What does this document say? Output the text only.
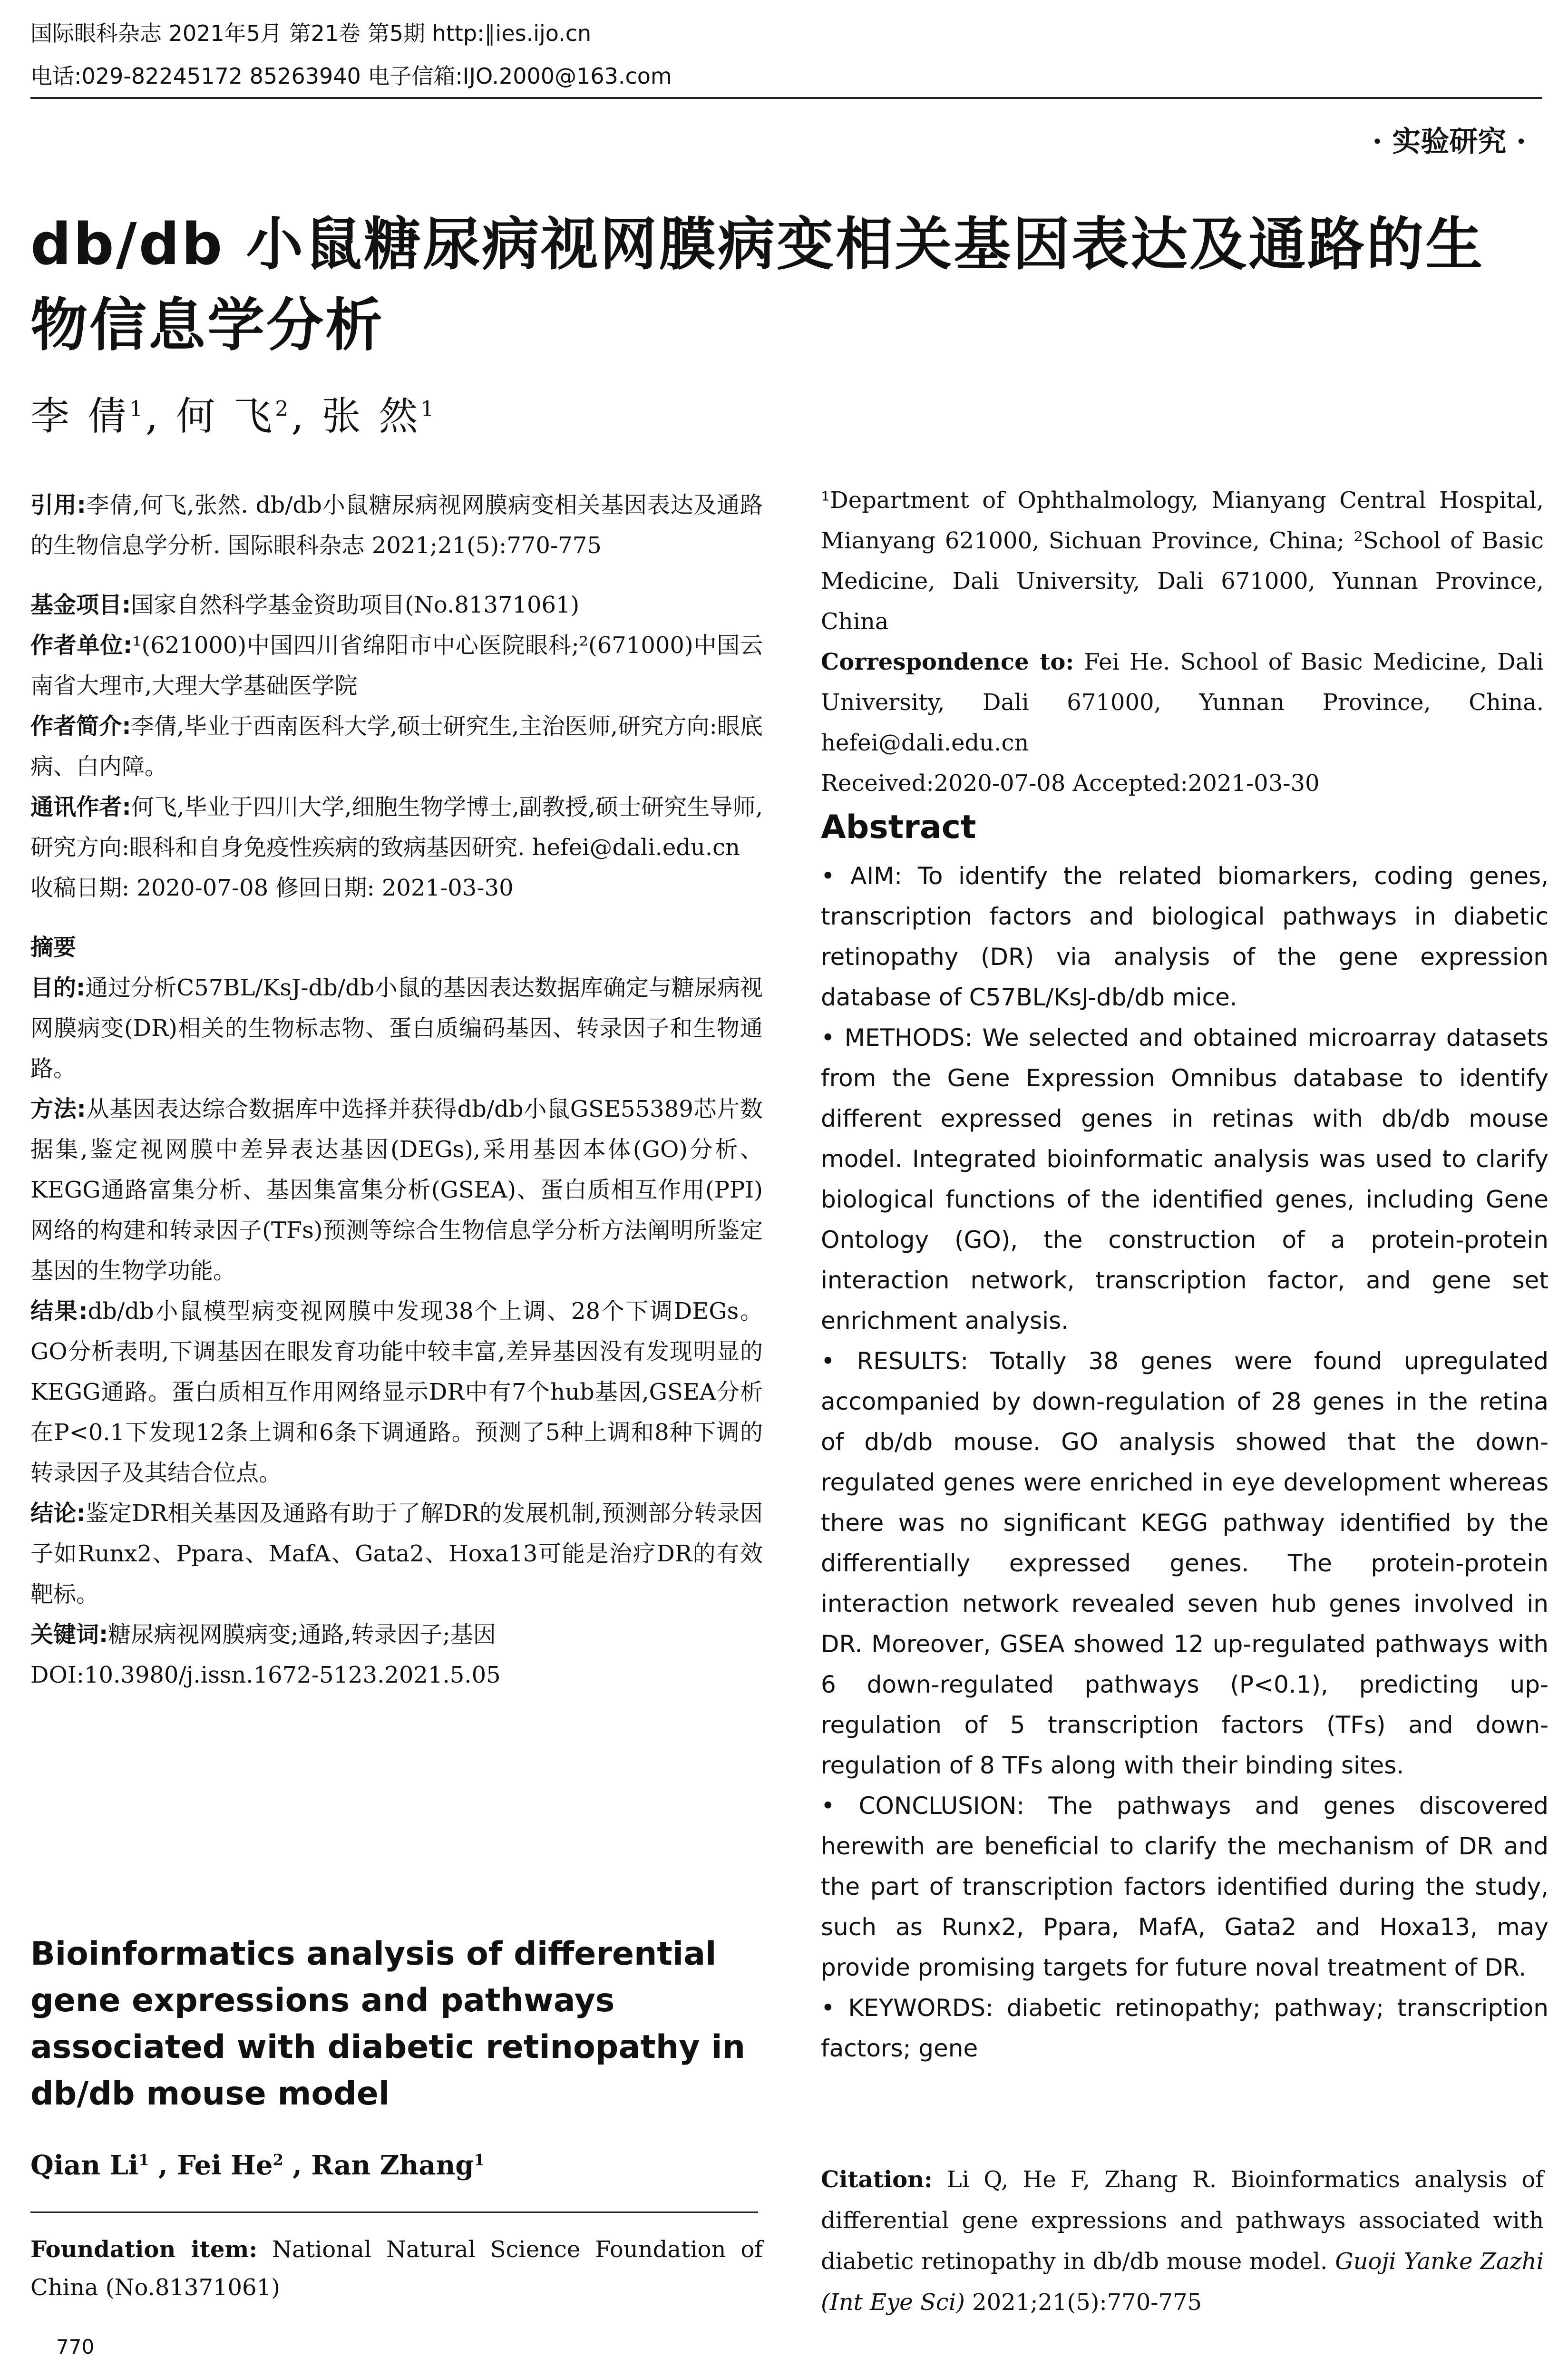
国际眼科杂志 2021年5月 第21卷 第5期 http:∥ies.ijo.cn
电话:029-82245172 85263940 电子信箱:IJO.2000@163.com
· 实验研究 ·
db/db 小鼠糖尿病视网膜病变相关基因表达及通路的生物信息学分析
李 倩$^1$, 何 飞$^2$, 张 然$^1$

引用:李倩,何飞,张然. db/db小鼠糖尿病视网膜病变相关基因表达及通路的生物信息学分析. 国际眼科杂志 2021;21(5):770-775

基金项目:国家自然科学基金资助项目(No.81371061)

作者单位:¹(621000)中国四川省绵阳市中心医院眼科;²(671000)中国云南省大理市,大理大学基础医学院

作者简介:李倩,毕业于西南医科大学,硕士研究生,主治医师,研究方向:眼底病、白内障。

通讯作者:何飞,毕业于四川大学,细胞生物学博士,副教授,硕士研究生导师,研究方向:眼科和自身免疫性疾病的致病基因研究. hefei@dali.edu.cn

收稿日期: 2020-07-08 修回日期: 2021-03-30

摘要

目的:通过分析C57BL/KsJ-db/db小鼠的基因表达数据库确定与糖尿病视网膜病变(DR)相关的生物标志物、蛋白质编码基因、转录因子和生物通路。

方法:从基因表达综合数据库中选择并获得db/db小鼠GSE55389芯片数据集,鉴定视网膜中差异表达基因(DEGs),采用基因本体(GO)分析、KEGG通路富集分析、基因集富集分析(GSEA)、蛋白质相互作用(PPI)网络的构建和转录因子(TFs)预测等综合生物信息学分析方法阐明所鉴定基因的生物学功能。

结果:db/db小鼠模型病变视网膜中发现38个上调、28个下调DEGs。GO分析表明,下调基因在眼发育功能中较丰富,差异基因没有发现明显的KEGG通路。蛋白质相互作用网络显示DR中有7个hub基因,GSEA分析在P<0.1下发现12条上调和6条下调通路。预测了5种上调和8种下调的转录因子及其结合位点。

结论:鉴定DR相关基因及通路有助于了解DR的发展机制,预测部分转录因子如Runx2、Ppara、MafA、Gata2、Hoxa13可能是治疗DR的有效靶标。

关键词:糖尿病视网膜病变;通路,转录因子;基因

DOI:10.3980/j.issn.1672-5123.2021.5.05

Bioinformatics analysis of differential gene expressions and pathways associated with diabetic retinopathy in db/db mouse model
Qian Li$^1$ , Fei He$^2$ , Ran Zhang$^1$
Foundation item: National Natural Science Foundation of China (No.81371061)
770

¹Department of Ophthalmology, Mianyang Central Hospital, Mianyang 621000, Sichuan Province, China; ²School of Basic Medicine, Dali University, Dali 671000, Yunnan Province, China

Correspondence to: Fei He. School of Basic Medicine, Dali University, Dali 671000, Yunnan Province, China. hefei@dali.edu.cn

Received:2020-07-08 Accepted:2021-03-30

Abstract

• AIM: To identify the related biomarkers, coding genes, transcription factors and biological pathways in diabetic retinopathy (DR) via analysis of the gene expression database of C57BL/KsJ-db/db mice.

• METHODS: We selected and obtained microarray datasets from the Gene Expression Omnibus database to identify different expressed genes in retinas with db/db mouse model. Integrated bioinformatic analysis was used to clarify biological functions of the identified genes, including Gene Ontology (GO), the construction of a protein-protein interaction network, transcription factor, and gene set enrichment analysis.

• RESULTS: Totally 38 genes were found upregulated accompanied by down-regulation of 28 genes in the retina of db/db mouse. GO analysis showed that the down-regulated genes were enriched in eye development whereas there was no significant KEGG pathway identified by the differentially expressed genes. The protein-protein interaction network revealed seven hub genes involved in DR. Moreover, GSEA showed 12 up-regulated pathways with 6 down-regulated pathways (P<0.1), predicting up-regulation of 5 transcription factors (TFs) and down-regulation of 8 TFs along with their binding sites.

• CONCLUSION: The pathways and genes discovered herewith are beneficial to clarify the mechanism of DR and the part of transcription factors identified during the study, such as Runx2, Ppara, MafA, Gata2 and Hoxa13, may provide promising targets for future noval treatment of DR.

• KEYWORDS: diabetic retinopathy; pathway; transcription factors; gene

Citation: Li Q, He F, Zhang R. Bioinformatics analysis of differential gene expressions and pathways associated with diabetic retinopathy in db/db mouse model. Guoji Yanke Zazhi (Int Eye Sci) 2021;21(5):770-775
